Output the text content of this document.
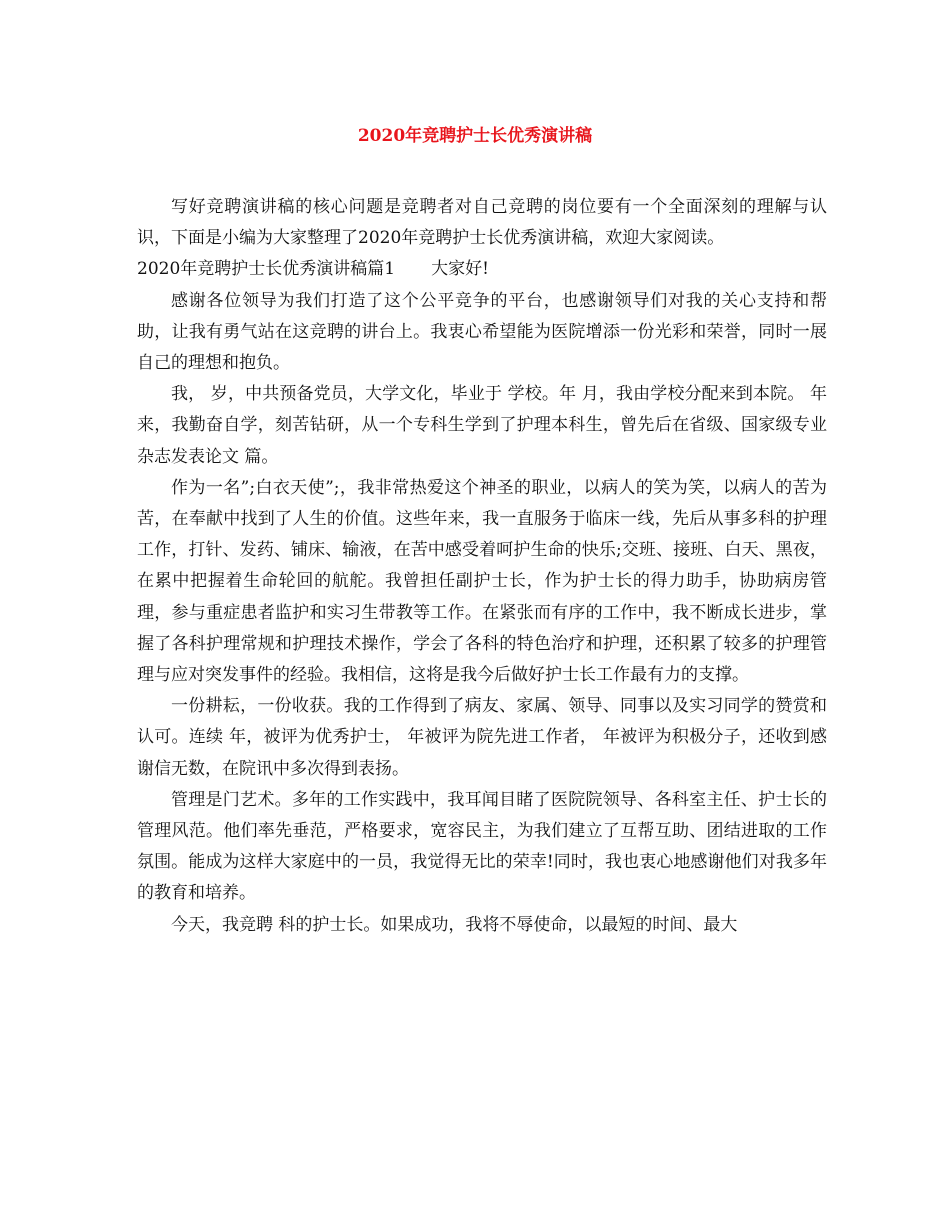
2020年竞聘护士长优秀演讲稿

写好竞聘演讲稿的核心问题是竞聘者对自己竞聘的岗位要有一个全面深刻的理解与认识，下面是小编为大家整理了2020年竞聘护士长优秀演讲稿，欢迎大家阅读。

2020年竞聘护士长优秀演讲稿篇1 大家好!

感谢各位领导为我们打造了这个公平竞争的平台，也感谢领导们对我的关心支持和帮助，让我有勇气站在这竞聘的讲台上。我衷心希望能为医院增添一份光彩和荣誉，同时一展自己的理想和抱负。

我， 岁，中共预备党员，大学文化，毕业于 学校。年 月，我由学校分配来到本院。 年来，我勤奋自学，刻苦钻研，从一个专科生学到了护理本科生，曾先后在省级、国家级专业杂志发表论文 篇。

作为一名”;白衣天使”;，我非常热爱这个神圣的职业，以病人的笑为笑，以病人的苦为苦，在奉献中找到了人生的价值。这些年来，我一直服务于临床一线，先后从事多科的护理工作，打针、发药、铺床、输液，在苦中感受着呵护生命的快乐;交班、接班、白天、黑夜，在累中把握着生命轮回的航舵。我曾担任副护士长，作为护士长的得力助手，协助病房管理，参与重症患者监护和实习生带教等工作。在紧张而有序的工作中，我不断成长进步，掌握了各科护理常规和护理技术操作，学会了各科的特色治疗和护理，还积累了较多的护理管理与应对突发事件的经验。我相信，这将是我今后做好护士长工作最有力的支撑。

一份耕耘，一份收获。我的工作得到了病友、家属、领导、同事以及实习同学的赞赏和认可。连续 年，被评为优秀护士， 年被评为院先进工作者， 年被评为积极分子，还收到感谢信无数，在院讯中多次得到表扬。

管理是门艺术。多年的工作实践中，我耳闻目睹了医院院领导、各科室主任、护士长的管理风范。他们率先垂范，严格要求，宽容民主，为我们建立了互帮互助、团结进取的工作氛围。能成为这样大家庭中的一员，我觉得无比的荣幸!同时，我也衷心地感谢他们对我多年的教育和培养。

今天，我竞聘 科的护士长。如果成功，我将不辱使命，以最短的时间、最大
